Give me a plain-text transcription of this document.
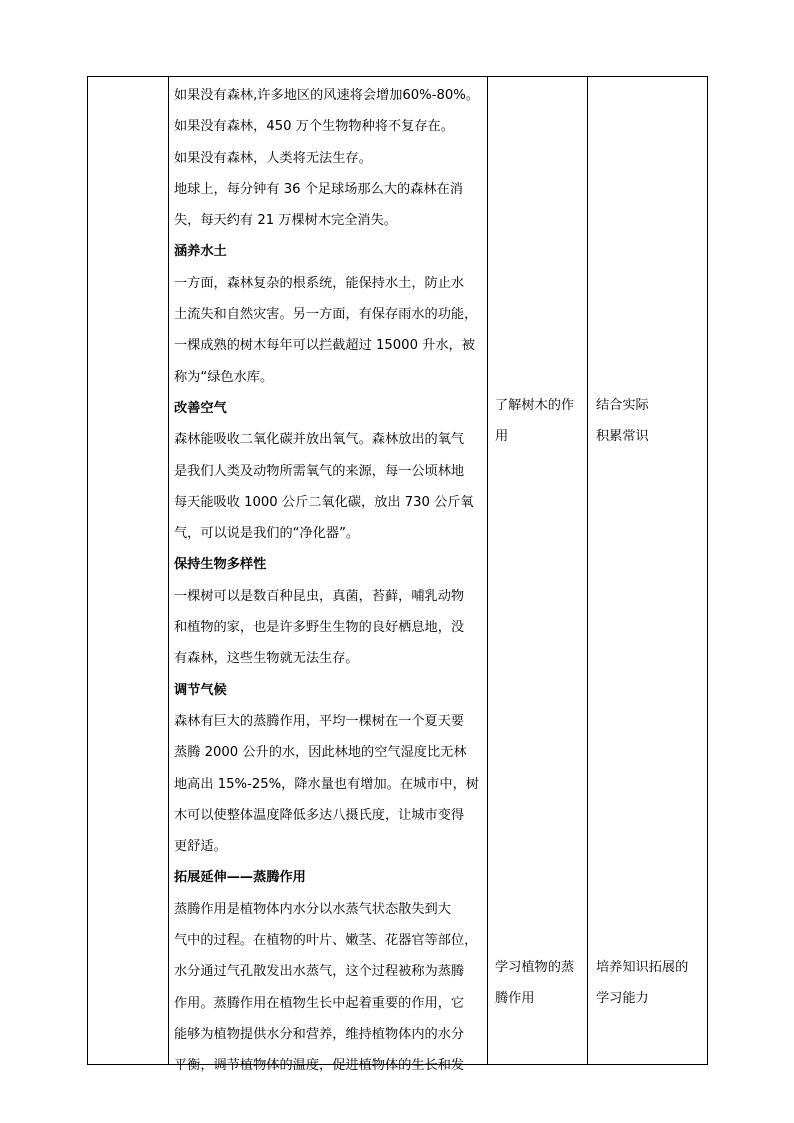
如果没有森林,许多地区的风速将会增加60%-80%。

如果没有森林，450 万个生物物种将不复存在。

如果没有森林，人类将无法生存。

地球上，每分钟有 36 个足球场那么大的森林在消

失，每天约有 21 万棵树木完全消失。

涵养水土

一方面，森林复杂的根系统，能保持水土，防止水

土流失和自然灾害。另一方面，有保存雨水的功能，

一棵成熟的树木每年可以拦截超过 15000 升水，被

称为“绿色水库。

改善空气

森林能吸收二氧化碳并放出氧气。森林放出的氧气

是我们人类及动物所需氧气的来源，每一公顷林地

每天能吸收 1000 公斤二氧化碳，放出 730 公斤氧

气，可以说是我们的“净化器”。

保持生物多样性

一棵树可以是数百种昆虫，真菌，苔藓，哺乳动物

和植物的家，也是许多野生生物的良好栖息地，没

有森林，这些生物就无法生存。

调节气候

森林有巨大的蒸腾作用，平均一棵树在一个夏天要

蒸腾 2000 公升的水，因此林地的空气湿度比无林

地高出 15%-25%，降水量也有增加。在城市中，树

木可以使整体温度降低多达八摄氏度，让城市变得

更舒适。

拓展延伸——蒸腾作用

蒸腾作用是植物体内水分以水蒸气状态散失到大

气中的过程。在植物的叶片、嫩茎、花器官等部位，

水分通过气孔散发出水蒸气，这个过程被称为蒸腾

作用。蒸腾作用在植物生长中起着重要的作用，它

能够为植物提供水分和营养，维持植物体内的水分

平衡，调节植物体的温度，促进植物体的生长和发

了解树木的作
用
结合实际
积累常识
学习植物的蒸
腾作用
培养知识拓展的
学习能力
